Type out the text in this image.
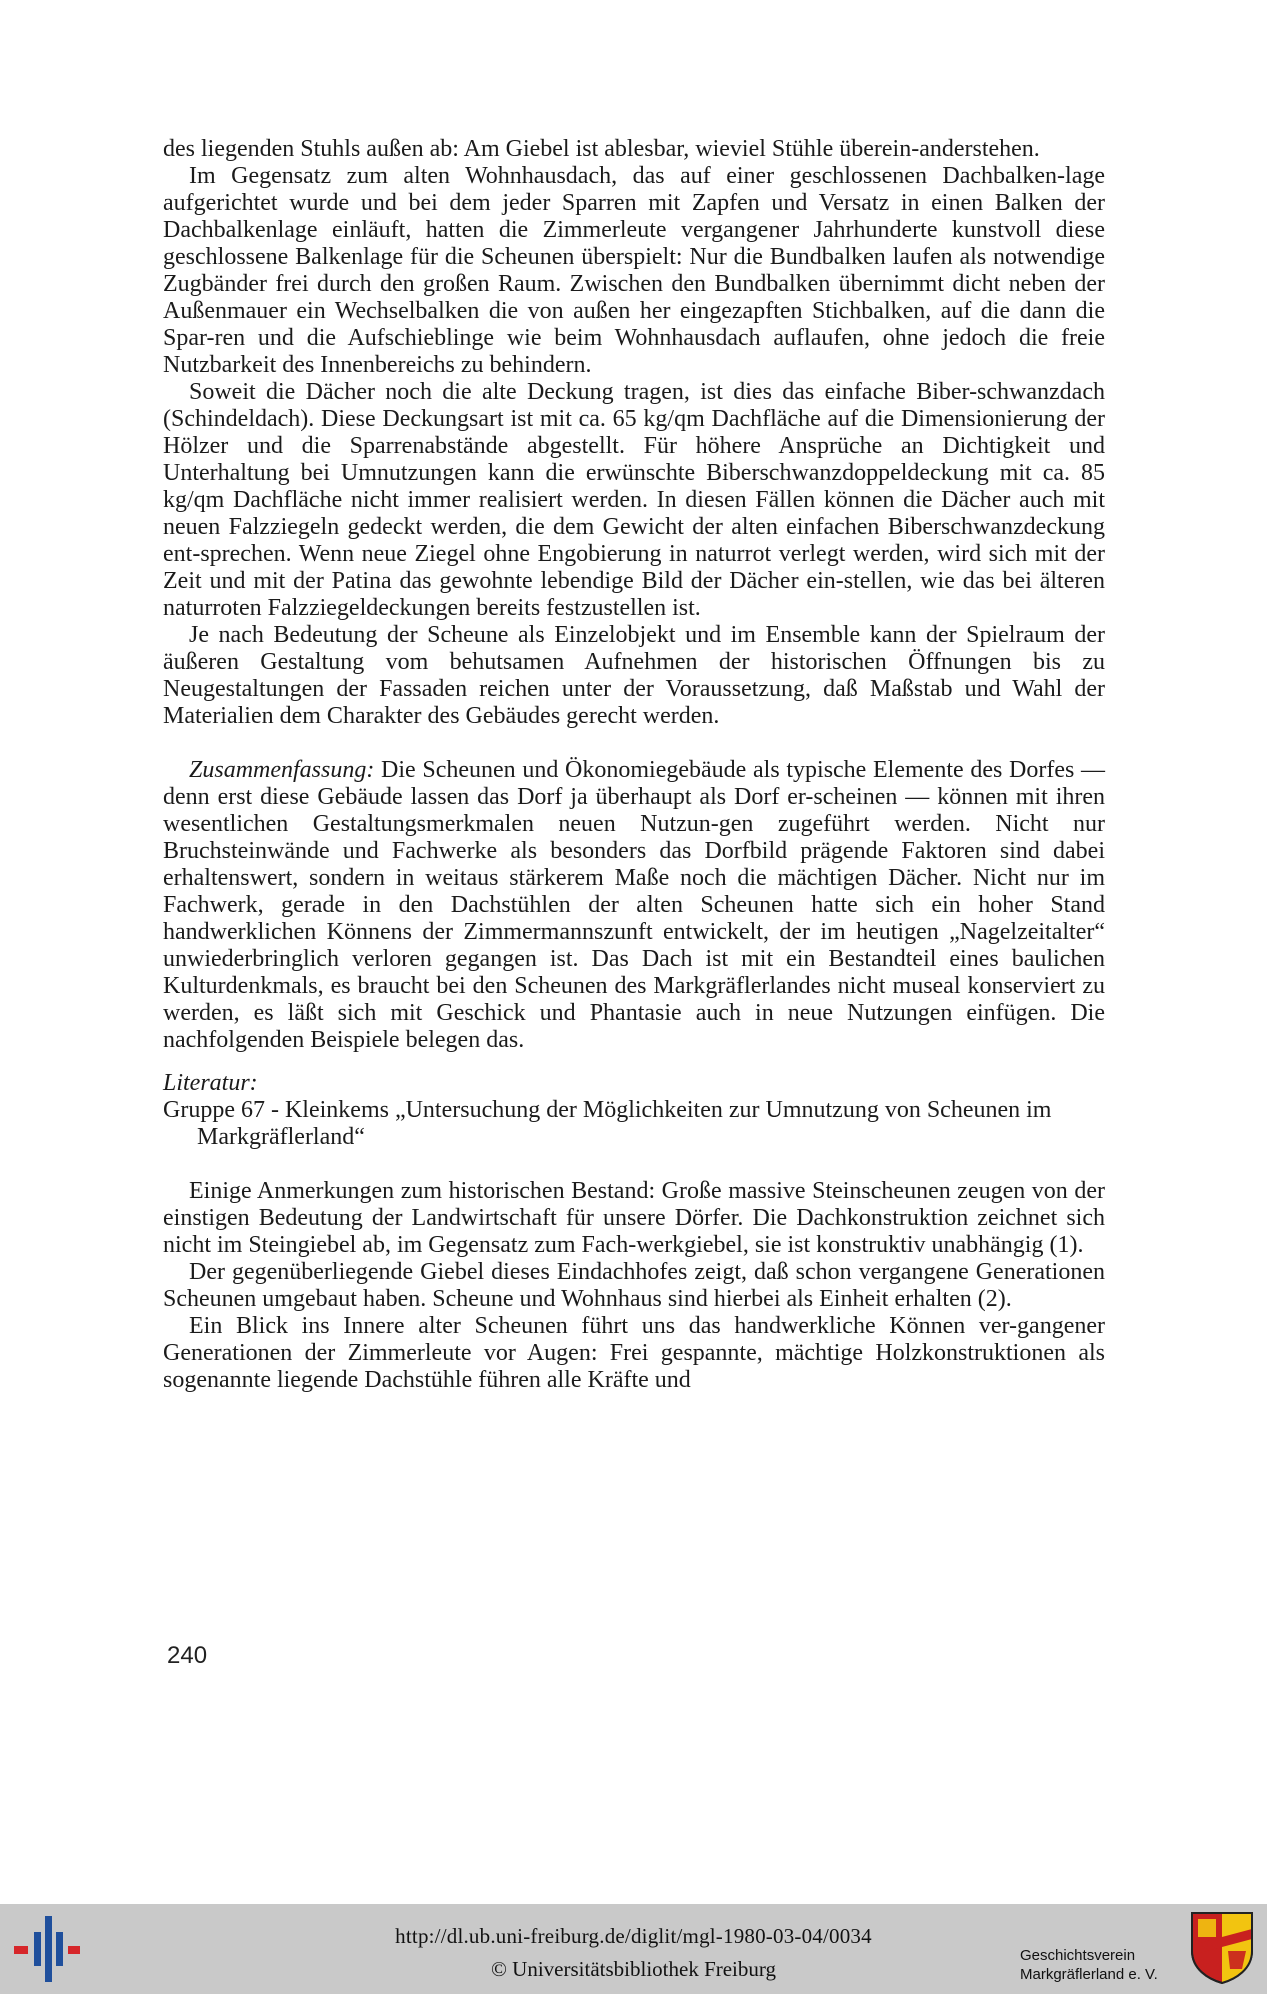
des liegenden Stuhls außen ab: Am Giebel ist ablesbar, wieviel Stühle überein-anderstehen.

Im Gegensatz zum alten Wohnhausdach, das auf einer geschlossenen Dachbalken-lage aufgerichtet wurde und bei dem jeder Sparren mit Zapfen und Versatz in einen Balken der Dachbalkenlage einläuft, hatten die Zimmerleute vergangener Jahrhunderte kunstvoll diese geschlossene Balkenlage für die Scheunen überspielt: Nur die Bundbalken laufen als notwendige Zugbänder frei durch den großen Raum. Zwischen den Bundbalken übernimmt dicht neben der Außenmauer ein Wechselbalken die von außen her eingezapften Stichbalken, auf die dann die Spar-ren und die Aufschieblinge wie beim Wohnhausdach auflaufen, ohne jedoch die freie Nutzbarkeit des Innenbereichs zu behindern.

Soweit die Dächer noch die alte Deckung tragen, ist dies das einfache Biber-schwanzdach (Schindeldach). Diese Deckungsart ist mit ca. 65 kg/qm Dachfläche auf die Dimensionierung der Hölzer und die Sparrenabstände abgestellt. Für höhere Ansprüche an Dichtigkeit und Unterhaltung bei Umnutzungen kann die erwünschte Biberschwanzdoppeldeckung mit ca. 85 kg/qm Dachfläche nicht immer realisiert werden. In diesen Fällen können die Dächer auch mit neuen Falzziegeln gedeckt werden, die dem Gewicht der alten einfachen Biberschwanzdeckung ent-sprechen. Wenn neue Ziegel ohne Engobierung in naturrot verlegt werden, wird sich mit der Zeit und mit der Patina das gewohnte lebendige Bild der Dächer ein-stellen, wie das bei älteren naturroten Falzziegeldeckungen bereits festzustellen ist.

Je nach Bedeutung der Scheune als Einzelobjekt und im Ensemble kann der Spielraum der äußeren Gestaltung vom behutsamen Aufnehmen der historischen Öffnungen bis zu Neugestaltungen der Fassaden reichen unter der Voraussetzung, daß Maßstab und Wahl der Materialien dem Charakter des Gebäudes gerecht werden.

Zusammenfassung: Die Scheunen und Ökonomiegebäude als typische Elemente des Dorfes — denn erst diese Gebäude lassen das Dorf ja überhaupt als Dorf er-scheinen — können mit ihren wesentlichen Gestaltungsmerkmalen neuen Nutzun-gen zugeführt werden. Nicht nur Bruchsteinwände und Fachwerke als besonders das Dorfbild prägende Faktoren sind dabei erhaltenswert, sondern in weitaus stärkerem Maße noch die mächtigen Dächer. Nicht nur im Fachwerk, gerade in den Dachstühlen der alten Scheunen hatte sich ein hoher Stand handwerklichen Könnens der Zimmermannszunft entwickelt, der im heutigen „Nagelzeitalter“ unwiederbringlich verloren gegangen ist. Das Dach ist mit ein Bestandteil eines baulichen Kulturdenkmals, es braucht bei den Scheunen des Markgräflerlandes nicht museal konserviert zu werden, es läßt sich mit Geschick und Phantasie auch in neue Nutzungen einfügen. Die nachfolgenden Beispiele belegen das.

Literatur:

Gruppe 67 - Kleinkems „Untersuchung der Möglichkeiten zur Umnutzung von Scheunen im Markgräflerland“

Einige Anmerkungen zum historischen Bestand: Große massive Steinscheunen zeugen von der einstigen Bedeutung der Landwirtschaft für unsere Dörfer. Die Dachkonstruktion zeichnet sich nicht im Steingiebel ab, im Gegensatz zum Fach-werkgiebel, sie ist konstruktiv unabhängig (1).

Der gegenüberliegende Giebel dieses Eindachhofes zeigt, daß schon vergangene Generationen Scheunen umgebaut haben. Scheune und Wohnhaus sind hierbei als Einheit erhalten (2).

Ein Blick ins Innere alter Scheunen führt uns das handwerkliche Können ver-gangener Generationen der Zimmerleute vor Augen: Frei gespannte, mächtige Holzkonstruktionen als sogenannte liegende Dachstühle führen alle Kräfte und

240
http://dl.ub.uni-freiburg.de/diglit/mgl-1980-03-04/0034
© Universitätsbibliothek Freiburg
Geschichtsverein
Markgräflerland e. V.
